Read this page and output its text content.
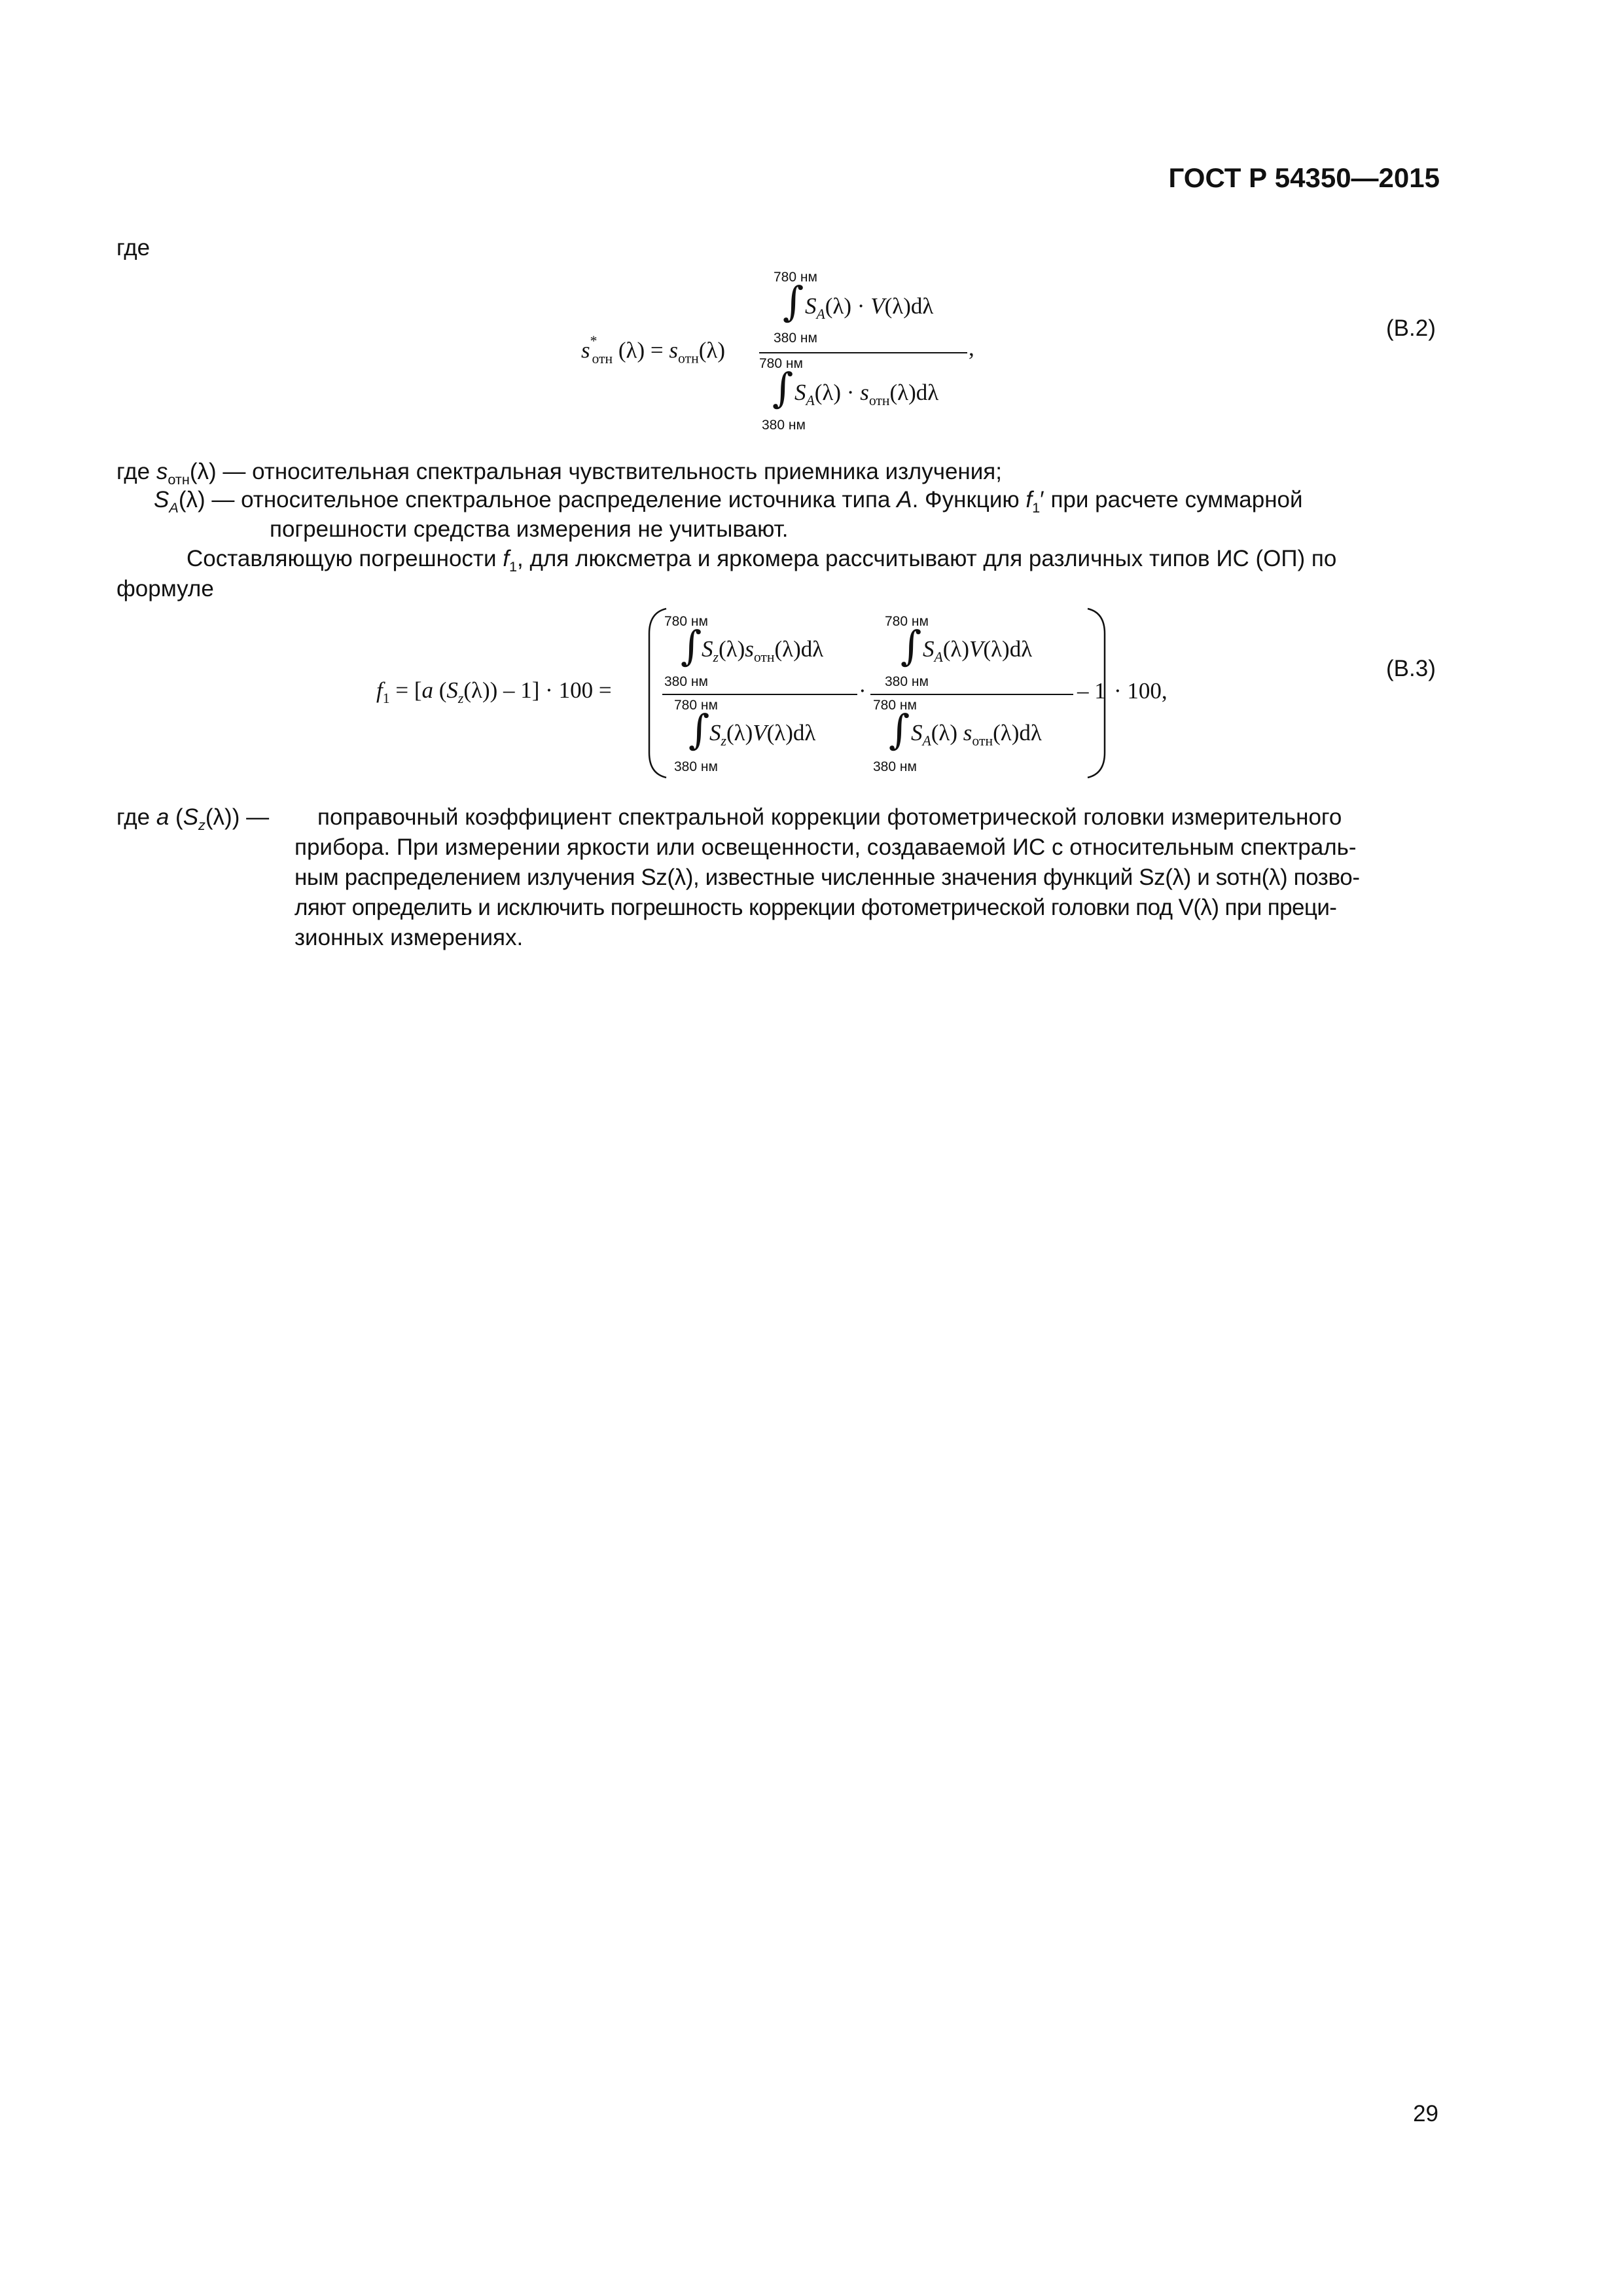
ГОСТ Р 54350—2015
где
$s^*_{отн}$ $(\lambda) = s_{отн}(\lambda)$
780 нм
∫ $S_A(\lambda) \cdot V(\lambda)d\lambda$
380 нм	,
780 нм
∫ $S_A(\lambda) \cdot s_{отн}(\lambda)d\lambda$
380 нм
(В.2)
где $s_{отн}(\lambda)$ — относительная спектральная чувствительность приемника излучения;
$S_A(\lambda)$ — относительное спектральное распределение источника типа A. Функцию $f_1'$ при расчете суммарной
погрешности средства измерения не учитывают.
Составляющую погрешности $f_1$, для люксметра и яркомера рассчитывают для различных типов ИС (ОП) по
формуле
$f_1 = [a$ $(S_z(\lambda)) - 1] \cdot 100$ =
780 нм
∫ $S_z(\lambda)s_{отн}(\lambda)d\lambda$
380 нм
780 нм
∫ $S_z(\lambda)V(\lambda)d\lambda$
380 нм
·
780 нм
∫ $S_A(\lambda)V(\lambda)d\lambda$
380 нм
780 нм
∫ $S_A(\lambda)$ $s_{отн}(\lambda)d\lambda$
380 нм
– 1 · 100,
(В.3)
где a $(S_z(\lambda))$ — поправочный коэффициент спектральной коррекции фотометрической головки измерительного
прибора. При измерении яркости или освещенности, создаваемой ИС с относительным спектраль-
ным распределением излучения Sz(λ), известные численные значения функций Sz(λ) и sотн(λ) позво-
ляют определить и исключить погрешность коррекции фотометрической головки под V(λ) при преци-
зионных измерениях.
29
